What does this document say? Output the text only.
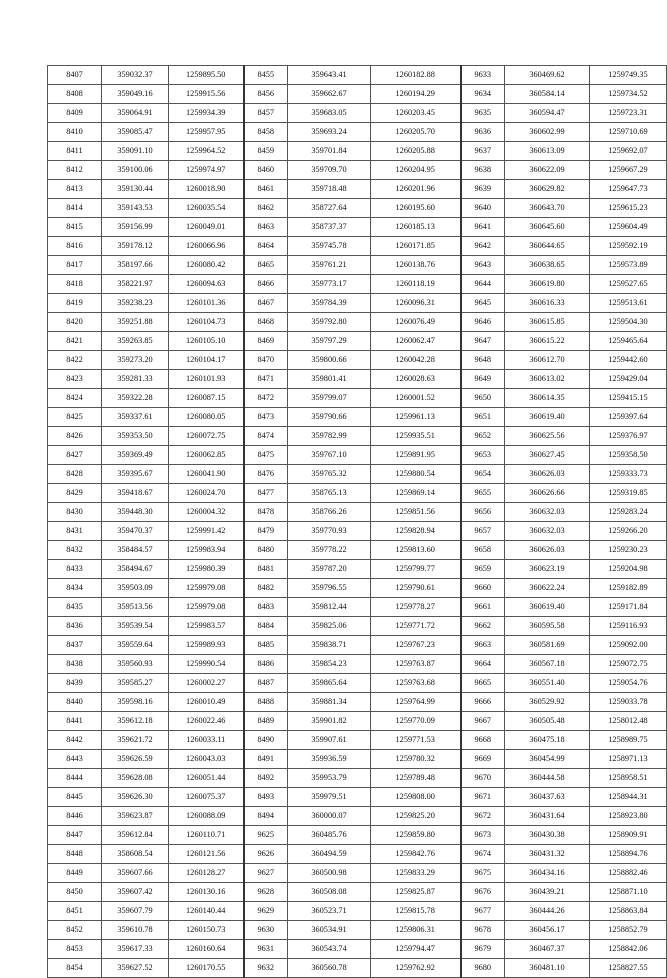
8407	359032.37	1259895.50	8455	359643.41	1260182.88	9633	360469.62	1259749.35
8408	359049.16	1259915.56	8456	359662.67	1260194.29	9634	360584.14	1259734.52
8409	359064.91	1259934.39	8457	359683.05	1260203.45	9635	360594.47	1259723.31
8410	359085.47	1259957.95	8458	359693.24	1260205.70	9636	360602.99	1259710.69
8411	359091.10	1259964.52	8459	359701.84	1260205.88	9637	360613.09	1259692.07
8412	359100.06	1259974.97	8460	359709.70	1260204.95	9638	360622.09	1259667.29
8413	359130.44	1260018.90	8461	359718.48	1260201.96	9639	360629.82	1259647.73
8414	359143.53	1260035.54	8462	358727.64	1260195.60	9640	360643.70	1259615.23
8415	359156.99	1260049.01	8463	358737.37	1260185.13	9641	360645.60	1259604.49
8416	359178.12	1260066.96	8464	359745.78	1260171.85	9642	360644.65	1259592.19
8417	358197.66	1260080.42	8465	359761.21	1260138.76	9643	360638.65	1259573.89
8418	358221.97	1260094.63	8466	359773.17	1260118.19	9644	360619.80	1259527.65
8419	359238.23	1260101.36	8467	359784.39	1260096.31	9645	360616.33	1259513.61
8420	359251.88	1260104.73	8468	359792.80	1260076.49	9646	360615.85	1259504.30
8421	359263.85	1260105.10	8469	359797.29	1260062.47	9647	360615.22	1259465.64
8422	359273.20	1260104.17	8470	359800.66	1260042.28	9648	360612.70	1259442.60
8423	359281.33	1260101.93	8471	359801.41	1260028.63	9649	360613.02	1259429.04
8424	359322.28	1260087.15	8472	359799.07	1260001.52	9650	360614.35	1259415.15
8425	359337.61	1260080.05	8473	359790.66	1259961.13	9651	360619.40	1259397.64
8426	359353.50	1260072.75	8474	359782.99	1259935.51	9652	360625.56	1259376.97
8427	359369.49	1260062.85	8475	359767.10	1259891.95	9653	360627.45	1259358.50
8428	359395.67	1260041.90	8476	359765.32	1259880.54	9654	360626.03	1259333.73
8429	359418.67	1260024.70	8477	358765.13	1259869.14	9655	360626.66	1259319.85
8430	359448.30	1260004.32	8478	358766.26	1259851.56	9656	360632.03	1259283.24
8431	359470.37	1259991.42	8479	359770.93	1259828.94	9657	360632.03	1259266.20
8432	358484.57	1259983.94	8480	359778.22	1259813.60	9658	360626.03	1259230.23
8433	358494.67	1259980.39	8481	359787.20	1259799.77	9659	360623.19	1259204.98
8434	359503.09	1259979.08	8482	359796.55	1259790.61	9660	360622.24	1259182.89
8435	359513.56	1259979.08	8483	359812.44	1259778.27	9661	360619.40	1259171.84
8436	359539.54	1259983.57	8484	359825.06	1259771.72	9662	360595.58	1259116.93
8437	359559.64	1259989.93	8485	359838.71	1259767.23	9663	360581.69	1259092.00
8438	359560.93	1259990.54	8486	359854.23	1259763.87	9664	360567.18	1259072.75
8439	359585.27	1260002.27	8487	359865.64	1259763.68	9665	360551.40	1259054.76
8440	359598.16	1260010.49	8488	359881.34	1259764.99	9666	360529.92	1259033.78
8441	359612.18	1260022.46	8489	359901.82	1259770.09	9667	360505.48	1258012.48
8442	359621.72	1260033.11	8490	359907.61	1259771.53	9668	360475.18	1258989.75
8443	359626.59	1260043.03	8491	359936.59	1259780.32	9669	360454.99	1258971.13
8444	359628.08	1260051.44	8492	359953.79	1259789.48	9670	360444.58	1258958.51
8445	359626.30	1260075.37	8493	359979.51	1259808.00	9671	360437.63	1258944.31
8446	359623.87	1260088.09	8494	360000.07	1259825.20	9672	360431.64	1258923.80
8447	359612.84	1260110.71	9625	360485.76	1259859.80	9673	360430.38	1258909.91
8448	358608.54	1260121.56	9626	360494.59	1259842.76	9674	360431.32	1258894.76
8449	359607.66	1260128.27	9627	360500.98	1259833.29	9675	360434.16	1258882.46
8450	359607.42	1260130.16	9628	360508.08	1259825.87	9676	360439.21	1258871.10
8451	359607.79	1260140.44	9629	360523.71	1259815.78	9677	360444.26	1258863.84
8452	359610.78	1260150.73	9630	360534.91	1259806.31	9678	360456.17	1258852.79
8453	359617.33	1260160.64	9631	360543.74	1259794.47	9679	360467.37	1258842.06
8454	359627.52	1260170.55	9632	360560.78	1259762.92	9680	360481.10	1258827.55
